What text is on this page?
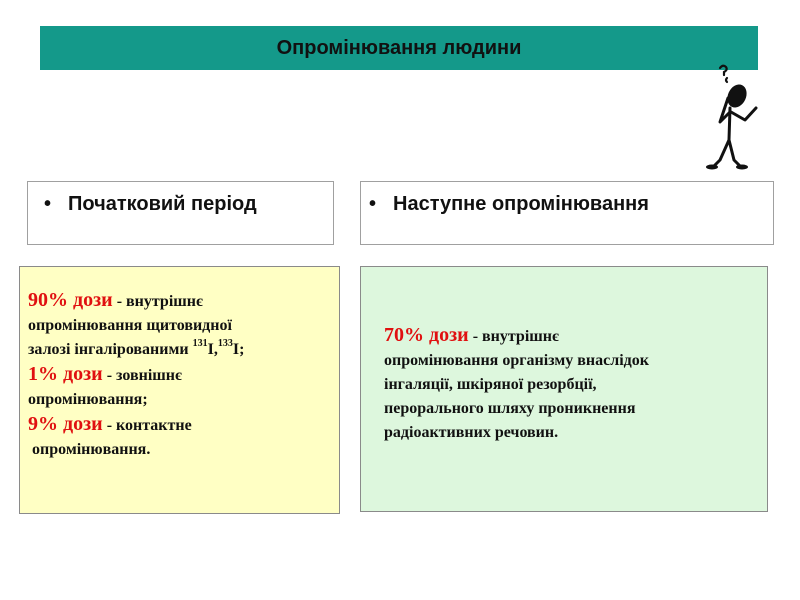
Опромінювання людини
• Початковий період	• Наступне опромінювання
90% дози - внутрішнє
опромінювання щитовидної
залозі інгалірованими $^{131}$I,$^{133}$I;
1% дози - зовнішнє
опромінювання;
9% дози - контактне
опромінювання.
70% дози - внутрішнє
опромінювання організму внаслідок
інгаляції, шкіряної резорбції,
перорального шляху проникнення
радіоактивних речовин.
